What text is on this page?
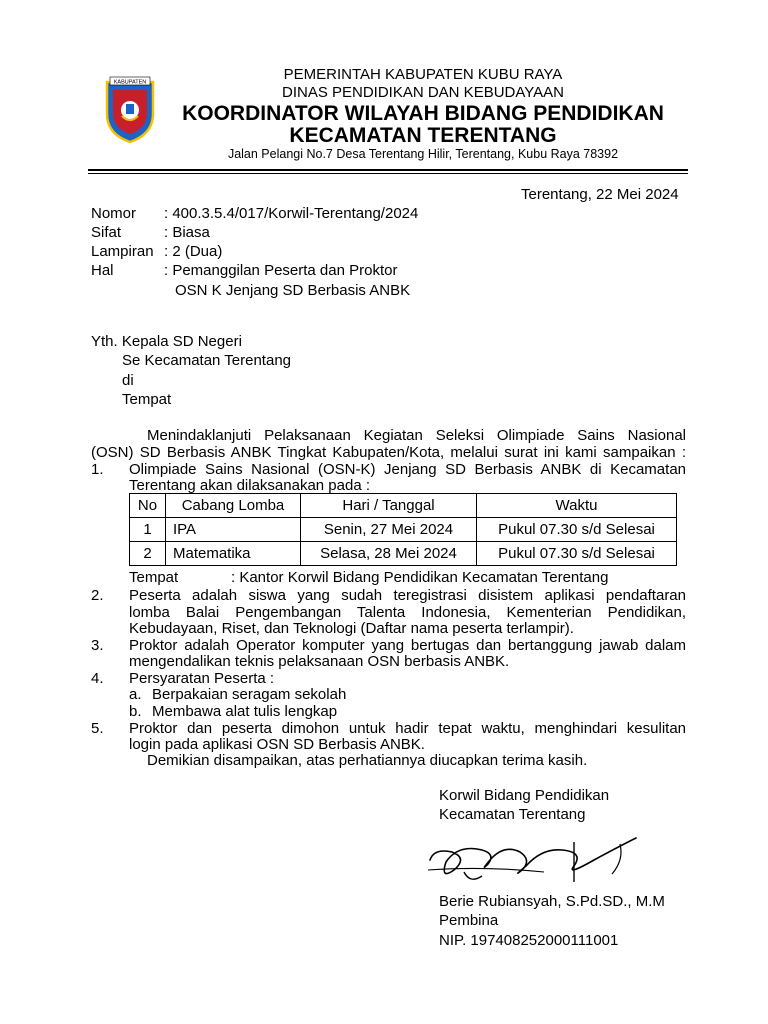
KABUPATEN	PEMERINTAH KABUPATEN KUBU RAYA
DINAS PENDIDIKAN DAN KEBUDAYAAN
KOORDINATOR WILAYAH BIDANG PENDIDIKAN
KECAMATAN TERENTANG
Jalan Pelangi No.7 Desa Terentang Hilir, Terentang, Kubu Raya 78392
Terentang, 22 Mei 2024
Nomor : 400.3.5.4/017/Korwil-Terentang/2024
Sifat	: Biasa
Lampiran : 2 (Dua)
Hal	: Pemanggilan Peserta dan Proktor
OSN K Jenjang SD Berbasis ANBK
Yth. Kepala SD Negeri
Se Kecamatan Terentang
di
Tempat
Menindaklanjuti Pelaksanaan Kegiatan Seleksi Olimpiade Sains Nasional
(OSN) SD Berbasis ANBK Tingkat Kabupaten/Kota, melalui surat ini kami sampaikan :
1. Olimpiade Sains Nasional (OSN-K) Jenjang SD Berbasis ANBK di Kecamatan
Terentang akan dilaksanakan pada :
No	Cabang Lomba	Hari / Tanggal	Waktu
1	IPA	Senin, 27 Mei 2024	Pukul 07.30 s/d Selesai
2	Matematika	Selasa, 28 Mei 2024	Pukul 07.30 s/d Selesai
Tempat	: Kantor Korwil Bidang Pendidikan Kecamatan Terentang
2. Peserta adalah siswa yang sudah teregistrasi disistem aplikasi pendaftaran
lomba Balai Pengembangan Talenta Indonesia, Kementerian Pendidikan,
Kebudayaan, Riset, dan Teknologi (Daftar nama peserta terlampir).
3. Proktor adalah Operator komputer yang bertugas dan bertanggung jawab dalam
mengendalikan teknis pelaksanaan OSN berbasis ANBK.
4. Persyaratan Peserta :
a. Berpakaian seragam sekolah
b. Membawa alat tulis lengkap
5. Proktor dan peserta dimohon untuk hadir tepat waktu, menghindari kesulitan
login pada aplikasi OSN SD Berbasis ANBK.
Demikian disampaikan, atas perhatiannya diucapkan terima kasih.
Korwil Bidang Pendidikan
Kecamatan Terentang
Berie Rubiansyah, S.Pd.SD., M.M
Pembina
NIP. 197408252000111001
